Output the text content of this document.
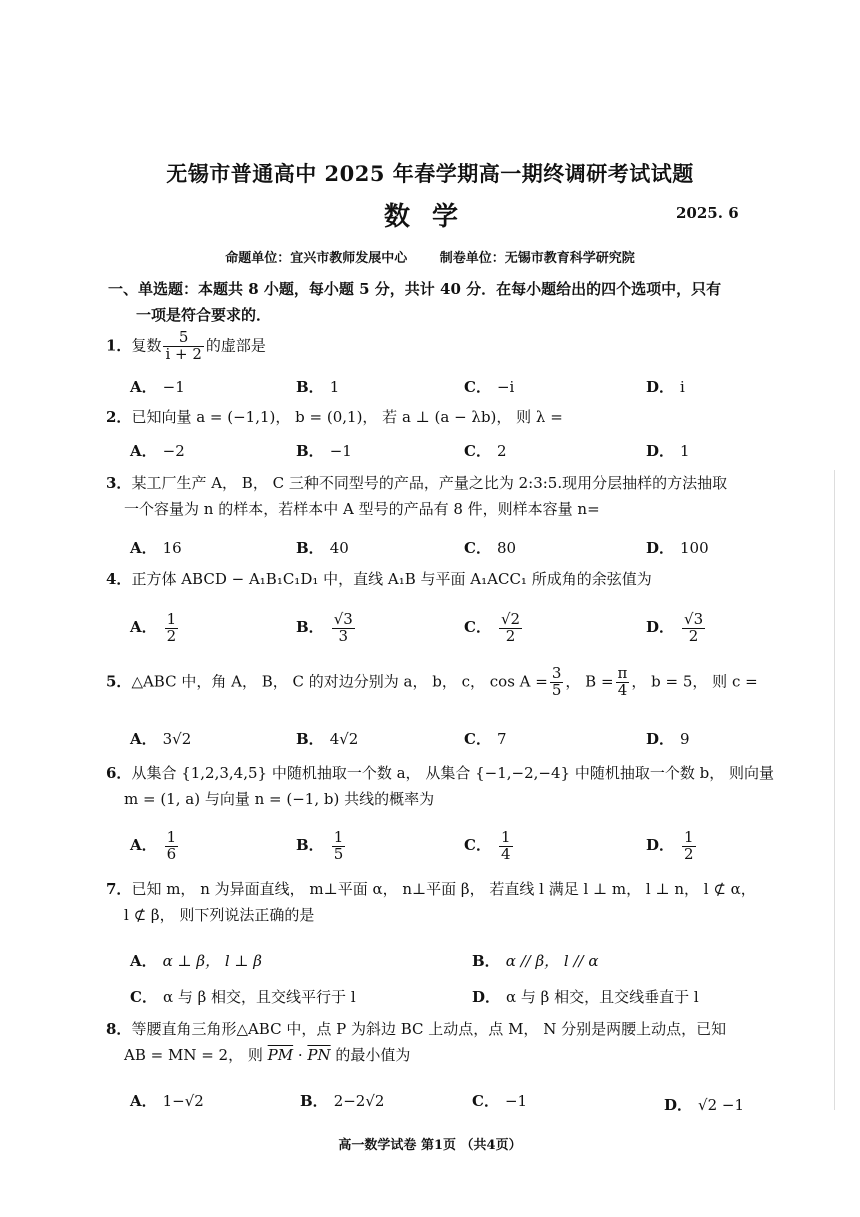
无锡市普通高中 2025 年春学期高一期终调研考试试题
数学	2025. 6
命题单位：宜兴市教师发展中心	制卷单位：无锡市教育科学研究院
一、单选题：本题共 8 小题，每小题 5 分，共计 40 分．在每小题给出的四个选项中，只有
一项是符合要求的．
1．复数 $\frac{5}{i + 2}$ 的虚部是
A． −1	B． 1	C． −i	D． i
2．已知向量 a = (−1,1)， b = (0,1)， 若 a ⊥ (a − λb)， 则 λ =
A． −2	B． −1	C． 2	D． 1
3．某工厂生产 A， B， C 三种不同型号的产品，产量之比为 2:3:5.现用分层抽样的方法抽取
一个容量为 n 的样本，若样本中 A 型号的产品有 8 件，则样本容量 n=
A． 16	B． 40	C． 80	D． 100
4．正方体 ABCD − A₁B₁C₁D₁ 中，直线 A₁B 与平面 A₁ACC₁ 所成角的余弦值为
A． $\frac{1}{2}$	B． $\frac{√3}{3}$	C． $\frac{√2}{2}$	D． $\frac{√3}{2}$
5．△ABC 中，角 A， B， C 的对边分别为 a， b， c， $\cos A = \frac{3}{5}$ ， $B = \frac{\pi}{4}$ ， b = 5， 则 c =
A． 3√2	B． 4√2	C． 7	D． 9
6．从集合 {1,2,3,4,5} 中随机抽取一个数 a， 从集合 {−1,−2,−4} 中随机抽取一个数 b， 则向量
m = (1, a) 与向量 n = (−1, b) 共线的概率为
A． $\frac{1}{6}$	B． $\frac{1}{5}$	C． $\frac{1}{4}$	D． $\frac{1}{2}$
7．已知 m， n 为异面直线， m⊥平面 α， n⊥平面 β， 若直线 l 满足 l ⊥ m， l ⊥ n， l ⊄ α，
l ⊄ β， 则下列说法正确的是
A． α ⊥ β， l ⊥ β	B． α // β， l // α
C． α 与 β 相交，且交线平行于 l	D． α 与 β 相交，且交线垂直于 l
8．等腰直角三角形△ABC 中，点 P 为斜边 BC 上动点，点 M， N 分别是两腰上动点，已知
AB = MN = 2， 则 $\overline{PM} \cdot \overline{PN}$ 的最小值为
A． 1−√2	B． 2−2√2	C． −1	D． √2 −1
高一数学试卷 第1页 （共4页）
